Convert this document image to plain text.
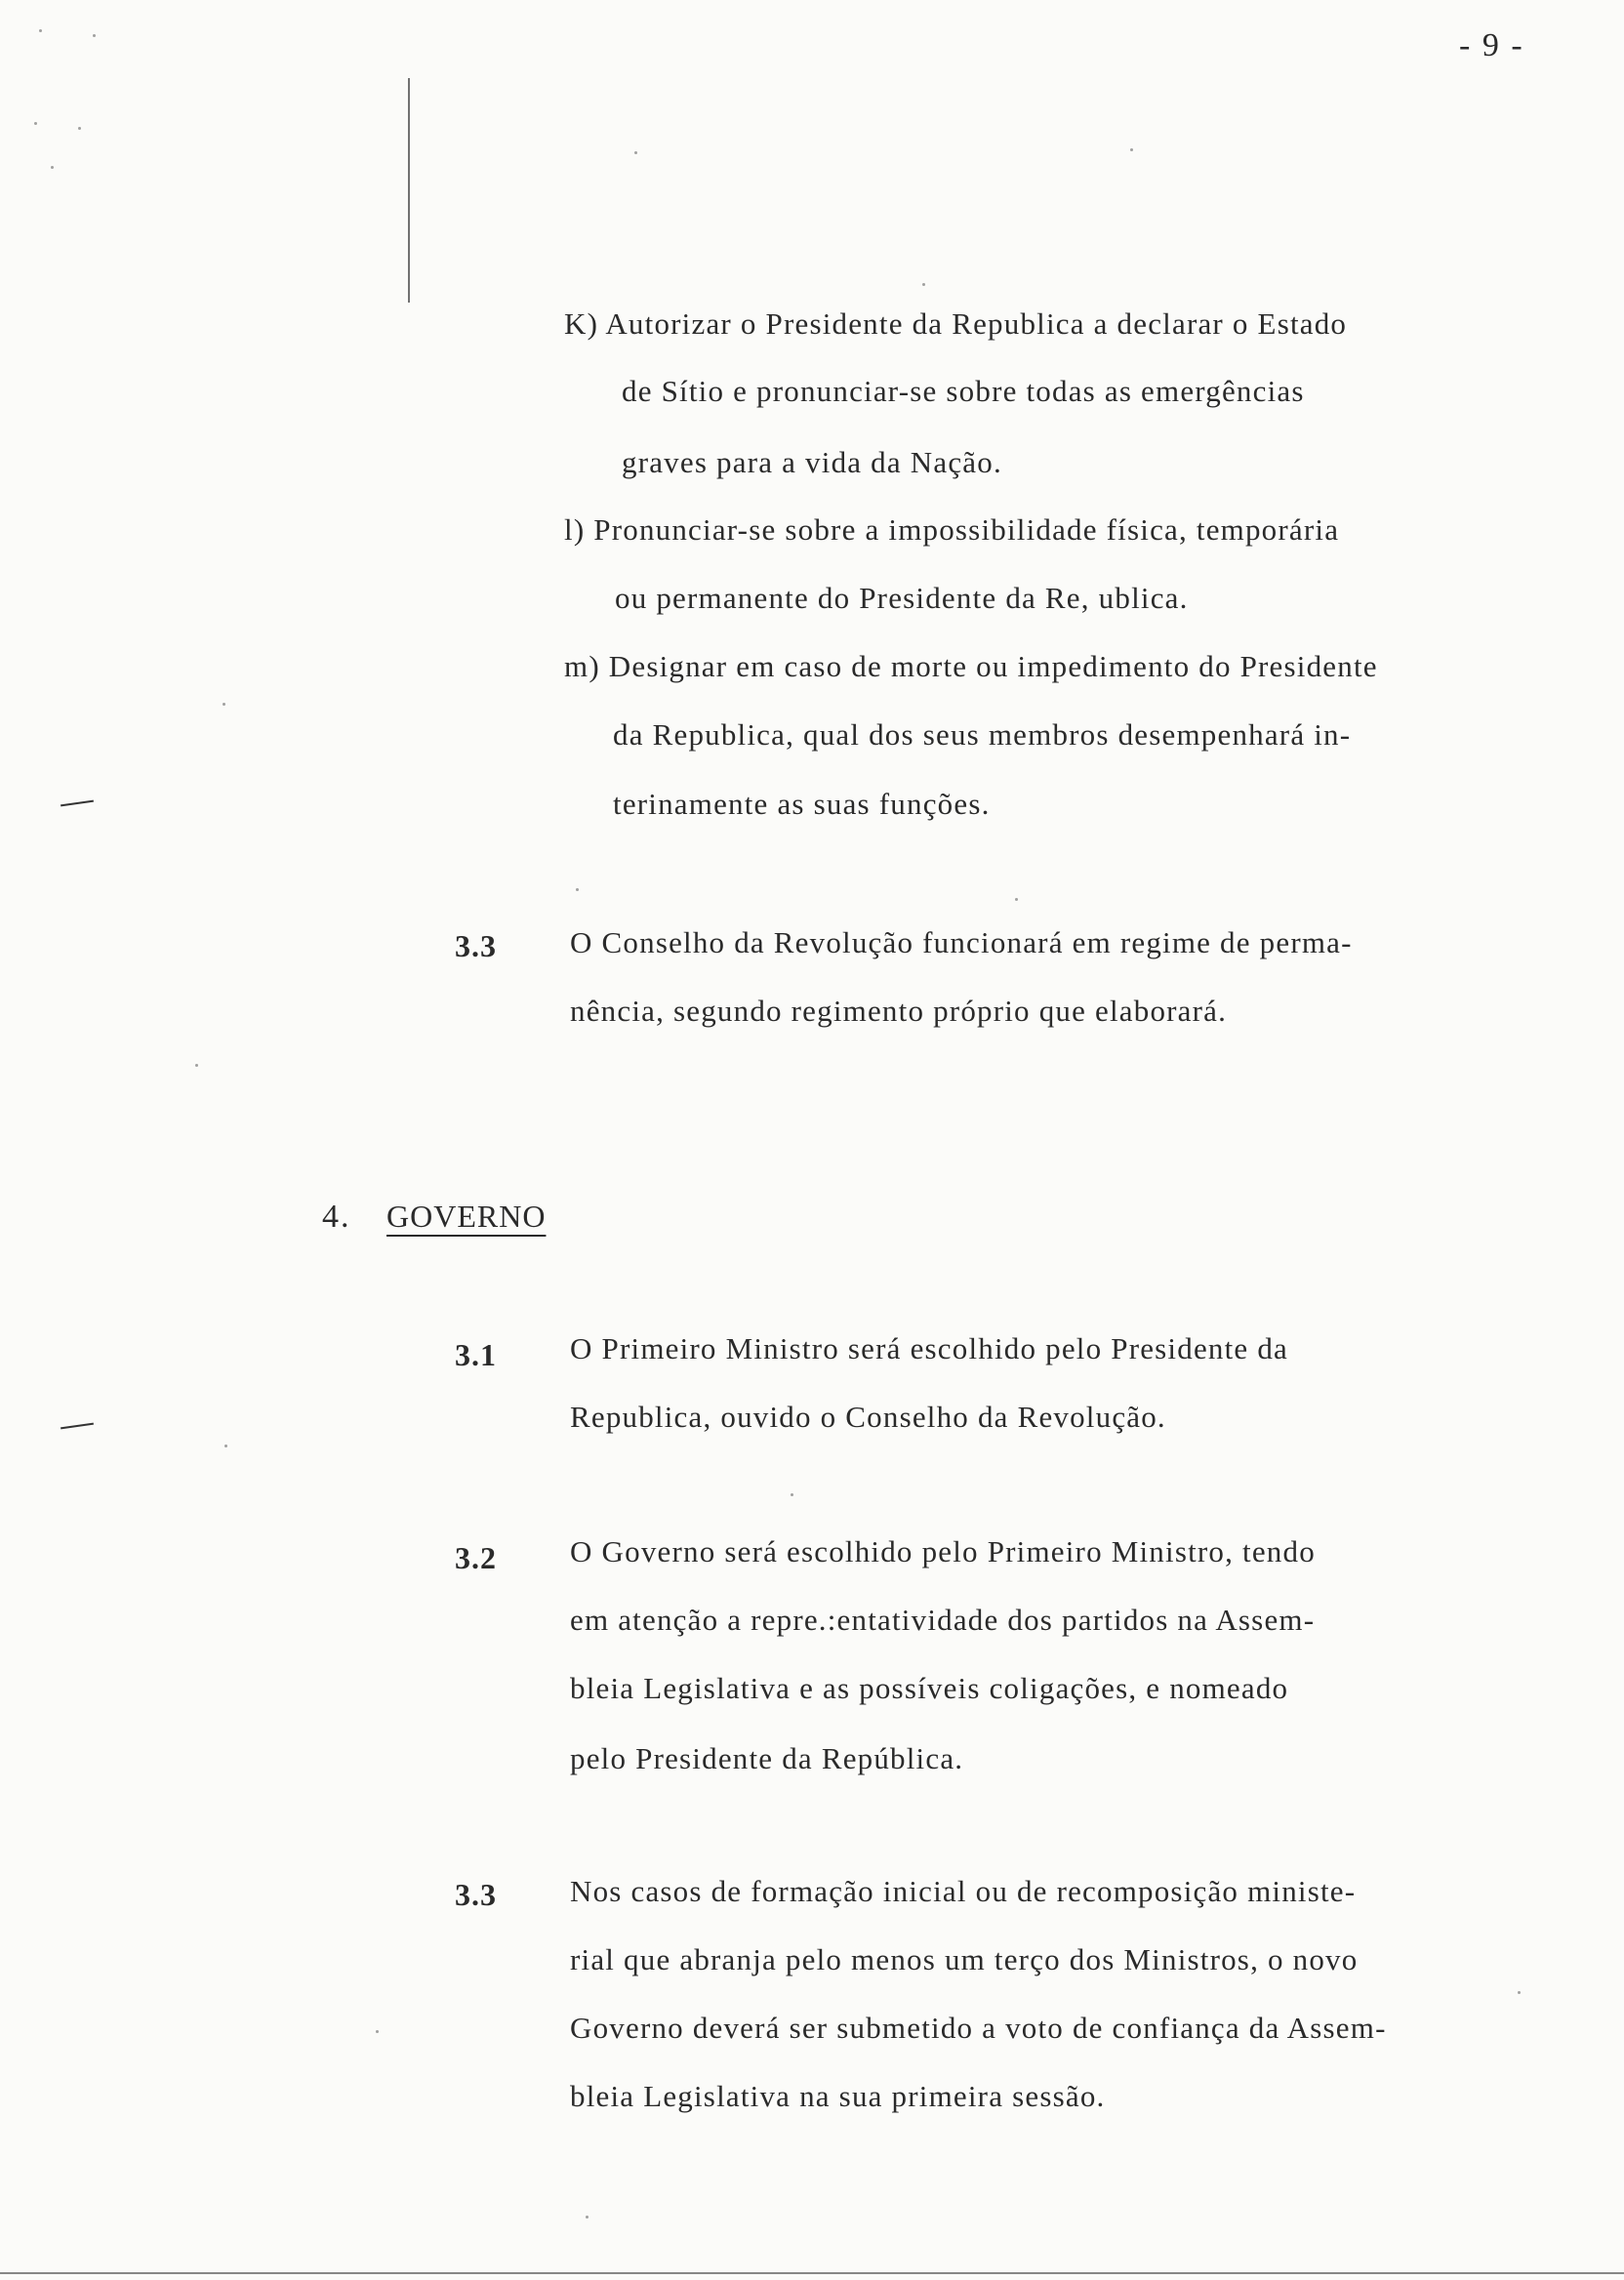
- 9 -
K) Autorizar o Presidente da Republica a declarar o Estado
de Sítio e pronunciar-se sobre todas as emergências
graves para a vida da Nação.
l) Pronunciar-se sobre a impossibilidade física, temporária
ou permanente do Presidente da Re, ublica.
m) Designar em caso de morte ou impedimento do Presidente
da Republica, qual dos seus membros desempenhará in-
terinamente as suas funções.
3.3 O Conselho da Revolução funcionará em regime de perma-
nência, segundo regimento próprio que elaborará.
4. GOVERNO
3.1 O Primeiro Ministro será escolhido pelo Presidente da
Republica, ouvido o Conselho da Revolução.
3.2 O Governo será escolhido pelo Primeiro Ministro, tendo
em atenção a repre.:entatividade dos partidos na Assem-
bleia Legislativa e as possíveis coligações, e nomeado
pelo Presidente da República.
3.3 Nos casos de formação inicial ou de recomposição ministe-
rial que abranja pelo menos um terço dos Ministros, o novo
Governo deverá ser submetido a voto de confiança da Assem-
bleia Legislativa na sua primeira sessão.
